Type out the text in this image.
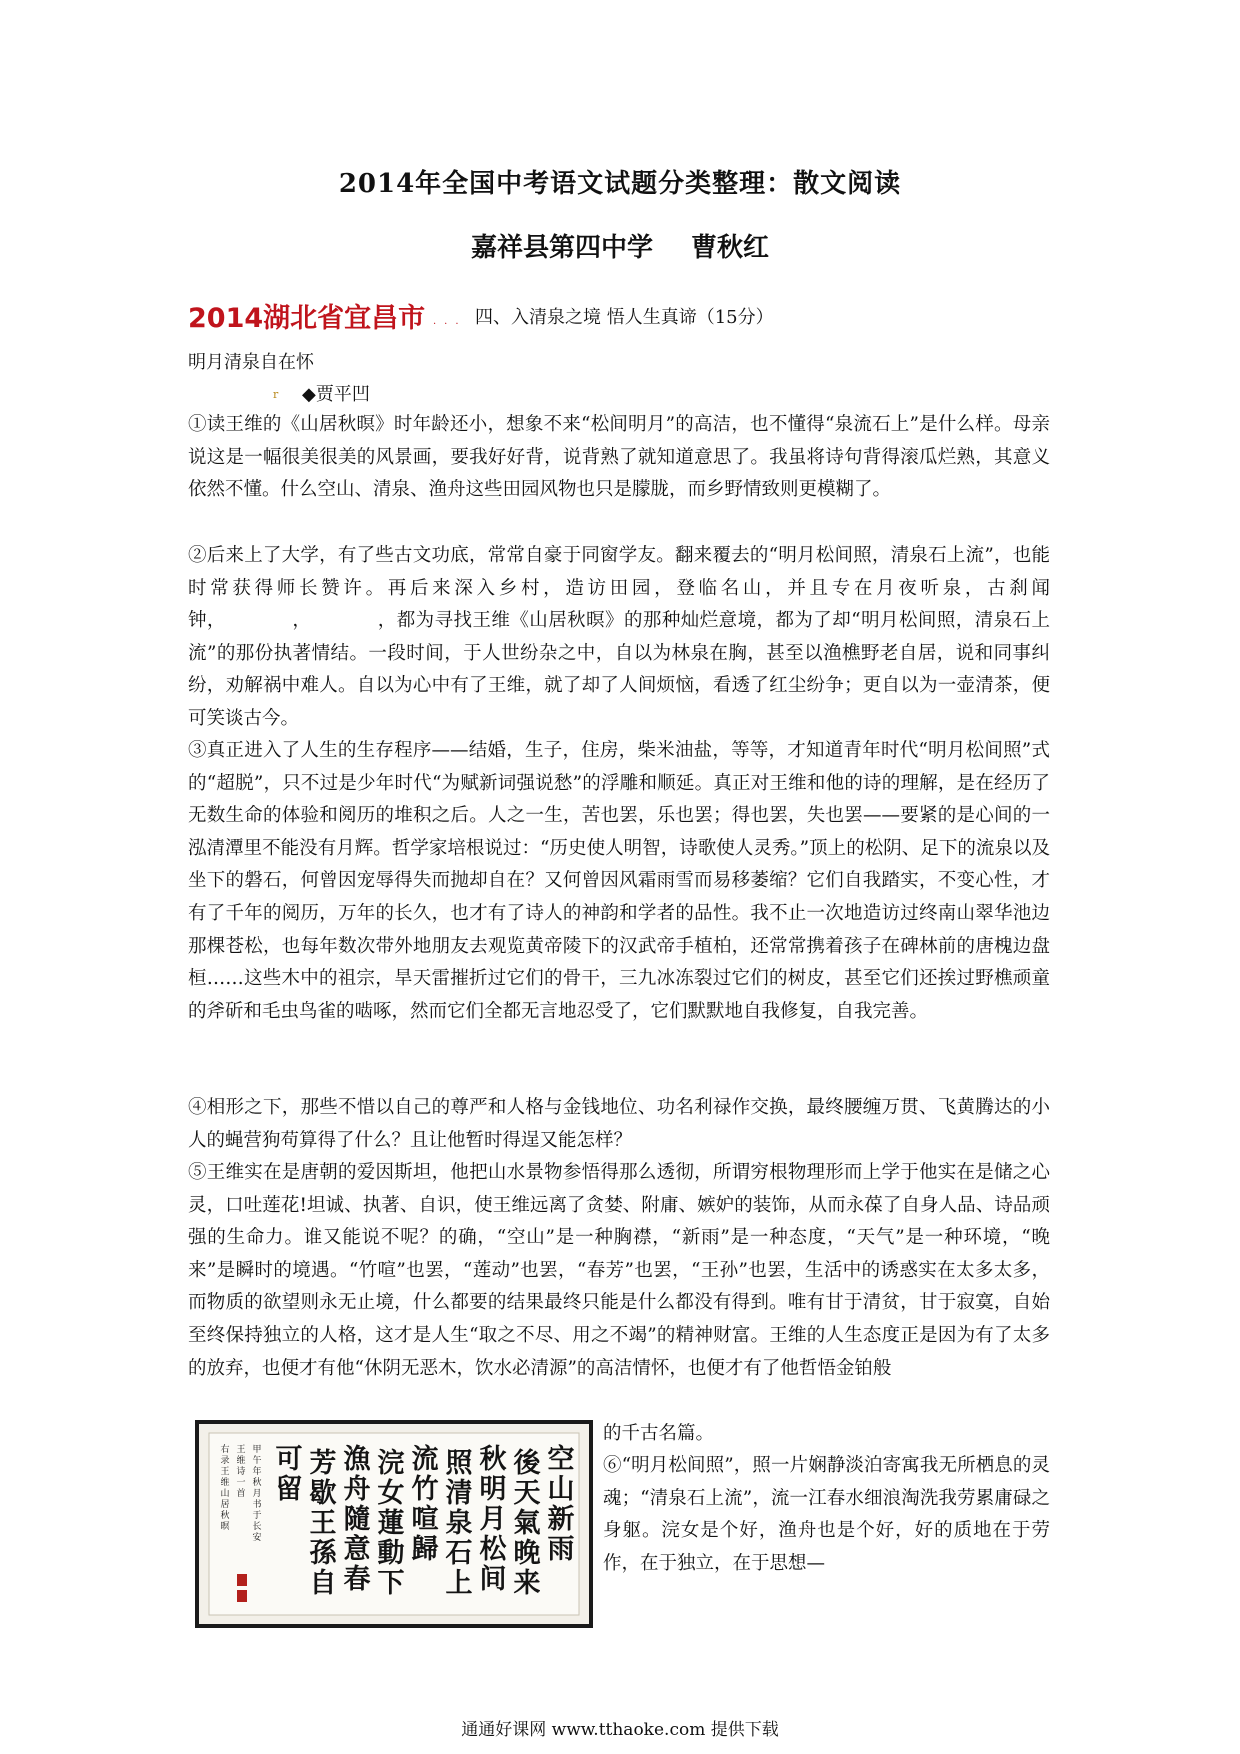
2014年全国中考语文试题分类整理：散文阅读
嘉祥县第四中学 曹秋红
2014湖北省宜昌市 ... 四、入清泉之境 悟人生真谛（15分）
明月清泉自在怀
r ◆贾平凹

①读王维的《山居秋暝》时年龄还小，想象不来“松间明月”的高洁，也不懂得“泉流石上”是什么样。母亲说这是一幅很美很美的风景画，要我好好背，说背熟了就知道意思了。我虽将诗句背得滚瓜烂熟，其意义依然不懂。什么空山、清泉、渔舟这些田园风物也只是朦胧，而乡野情致则更模糊了。

②后来上了大学，有了些古文功底，常常自豪于同窗学友。翻来覆去的“明月松间照，清泉石上流”，也能时常获得师长赞许。再后来深入乡村，造访田园，登临名山，并且专在月夜听泉，古刹闻钟，　　　　，　　　　，都为寻找王维《山居秋暝》的那种灿烂意境，都为了却“明月松间照，清泉石上流”的那份执著情结。一段时间，于人世纷杂之中，自以为林泉在胸，甚至以渔樵野老自居，说和同事纠纷，劝解祸中难人。自以为心中有了王维，就了却了人间烦恼，看透了红尘纷争；更自以为一壶清茶，便可笑谈古今。

③真正进入了人生的生存程序——结婚，生子，住房，柴米油盐，等等，才知道青年时代“明月松间照”式的“超脱”，只不过是少年时代“为赋新词强说愁”的浮雕和顺延。真正对王维和他的诗的理解，是在经历了无数生命的体验和阅历的堆积之后。人之一生，苦也罢，乐也罢；得也罢，失也罢——要紧的是心间的一泓清潭里不能没有月辉。哲学家培根说过：“历史使人明智，诗歌使人灵秀。”顶上的松阴、足下的流泉以及坐下的磐石，何曾因宠辱得失而抛却自在？又何曾因风霜雨雪而易移萎缩？它们自我踏实，不变心性，才有了千年的阅历，万年的长久，也才有了诗人的神韵和学者的品性。我不止一次地造访过终南山翠华池边那棵苍松，也每年数次带外地朋友去观览黄帝陵下的汉武帝手植柏，还常常携着孩子在碑林前的唐槐边盘桓……这些木中的祖宗，旱天雷摧折过它们的骨干，三九冰冻裂过它们的树皮，甚至它们还挨过野樵顽童的斧斫和毛虫鸟雀的啮啄，然而它们全都无言地忍受了，它们默默地自我修复，自我完善。

④相形之下，那些不惜以自己的尊严和人格与金钱地位、功名利禄作交换，最终腰缠万贯、飞黄腾达的小人的蝇营狗苟算得了什么？且让他暂时得逞又能怎样？

⑤王维实在是唐朝的爱因斯坦，他把山水景物参悟得那么透彻，所谓穷根物理形而上学于他实在是储之心灵，口吐莲花!坦诚、执著、自识，使王维远离了贪婪、附庸、嫉妒的装饰，从而永葆了自身人品、诗品顽强的生命力。谁又能说不呢？的确，“空山”是一种胸襟，“新雨”是一种态度，“天气”是一种环境，“晚来”是瞬时的境遇。“竹喧”也罢，“莲动”也罢，“春芳”也罢，“王孙”也罢，生活中的诱惑实在太多太多，而物质的欲望则永无止境，什么都要的结果最终只能是什么都没有得到。唯有甘于清贫，甘于寂寞，自始至终保持独立的人格，这才是人生“取之不尽、用之不竭”的精神财富。王维的人生态度正是因为有了太多的放弃，也便才有他“休阴无恶木，饮水必清源”的高洁情怀，也便才有了他哲悟金铂般

的千古名篇。

⑥“明月松间照”，照一片娴静淡泊寄寓我无所栖息的灵魂；“清泉石上流”，流一江春水细浪淘洗我劳累庸碌之身躯。浣女是个好，渔舟也是个好，好的质地在于劳作，在于独立，在于思想—

空山新雨
後天氣晚来
秋明月松间
照清泉石上
流竹喧歸
浣女蓮動下
漁舟隨意春
芳歇王孫自
可留
甲午年秋月书于长安
王维诗一首
右录王维山居秋暝
通通好课网 www.tthaoke.com 提供下载
